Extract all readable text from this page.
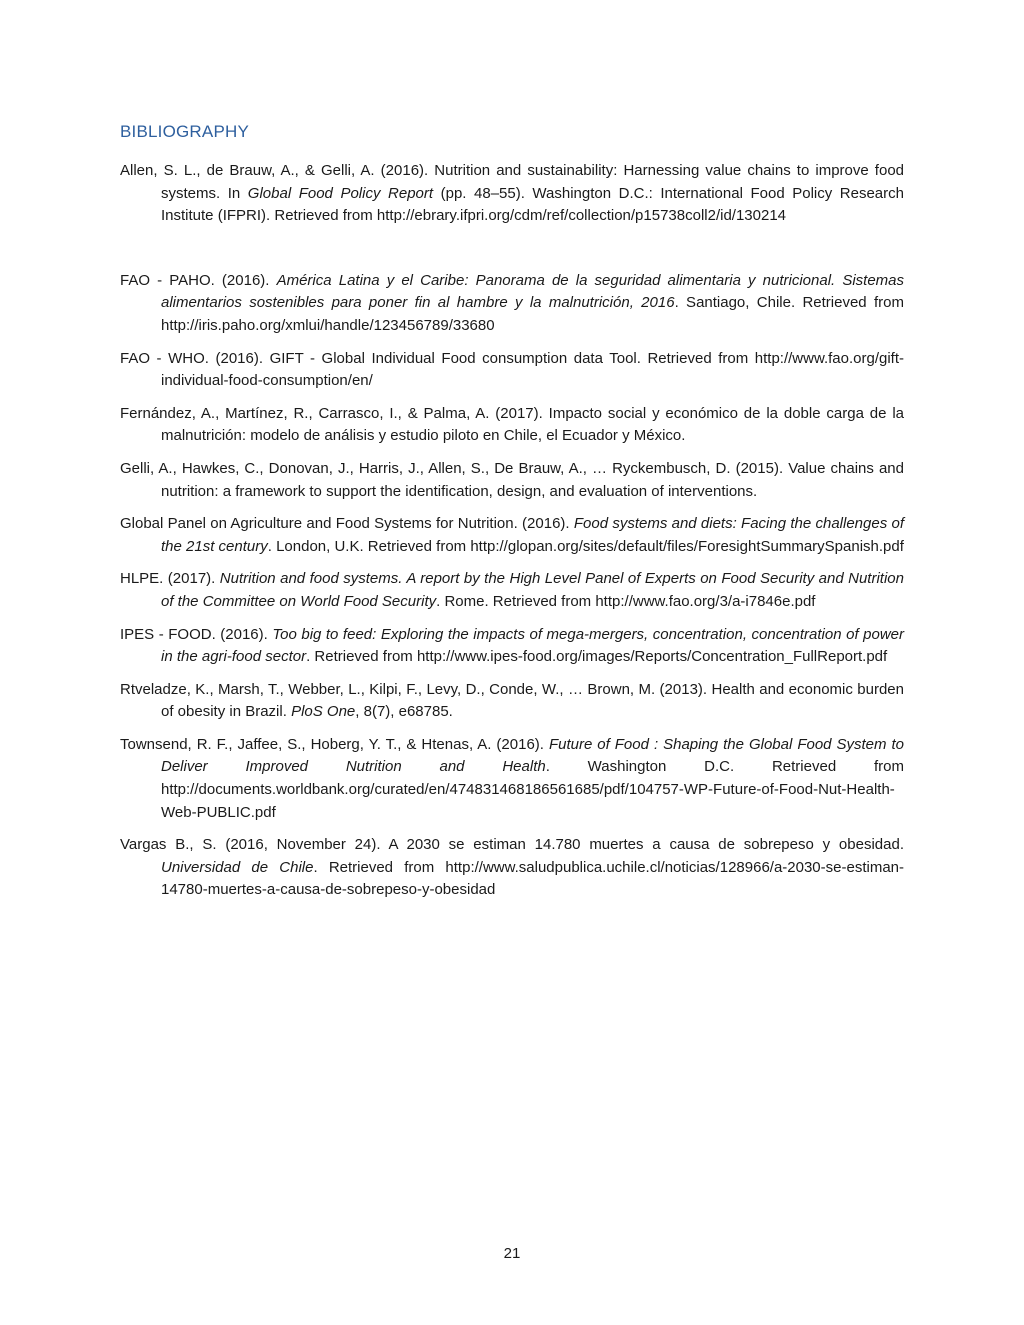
BIBLIOGRAPHY

Allen, S. L., de Brauw, A., & Gelli, A. (2016). Nutrition and sustainability: Harnessing value chains to improve food systems. In Global Food Policy Report (pp. 48–55). Washington D.C.: International Food Policy Research Institute (IFPRI). Retrieved from http://ebrary.ifpri.org/cdm/ref/collection/p15738coll2/id/130214

FAO - PAHO. (2016). América Latina y el Caribe: Panorama de la seguridad alimentaria y nutricional. Sistemas alimentarios sostenibles para poner fin al hambre y la malnutrición, 2016. Santiago, Chile. Retrieved from http://iris.paho.org/xmlui/handle/123456789/33680

FAO - WHO. (2016). GIFT - Global Individual Food consumption data Tool. Retrieved from http://www.fao.org/gift-individual-food-consumption/en/

Fernández, A., Martínez, R., Carrasco, I., & Palma, A. (2017). Impacto social y económico de la doble carga de la malnutrición: modelo de análisis y estudio piloto en Chile, el Ecuador y México.

Gelli, A., Hawkes, C., Donovan, J., Harris, J., Allen, S., De Brauw, A., … Ryckembusch, D. (2015). Value chains and nutrition: a framework to support the identification, design, and evaluation of interventions.

Global Panel on Agriculture and Food Systems for Nutrition. (2016). Food systems and diets: Facing the challenges of the 21st century. London, U.K. Retrieved from http://glopan.org/sites/default/files/ForesightSummarySpanish.pdf

HLPE. (2017). Nutrition and food systems. A report by the High Level Panel of Experts on Food Security and Nutrition of the Committee on World Food Security. Rome. Retrieved from http://www.fao.org/3/a-i7846e.pdf

IPES - FOOD. (2016). Too big to feed: Exploring the impacts of mega-mergers, concentration, concentration of power in the agri-food sector. Retrieved from http://www.ipes-food.org/images/Reports/Concentration_FullReport.pdf

Rtveladze, K., Marsh, T., Webber, L., Kilpi, F., Levy, D., Conde, W., … Brown, M. (2013). Health and economic burden of obesity in Brazil. PloS One, 8(7), e68785.

Townsend, R. F., Jaffee, S., Hoberg, Y. T., & Htenas, A. (2016). Future of Food : Shaping the Global Food System to Deliver Improved Nutrition and Health. Washington D.C. Retrieved from http://documents.worldbank.org/curated/en/474831468186561685/pdf/104757-WP-Future-of-Food-Nut-Health-Web-PUBLIC.pdf

Vargas B., S. (2016, November 24). A 2030 se estiman 14.780 muertes a causa de sobrepeso y obesidad. Universidad de Chile. Retrieved from http://www.saludpublica.uchile.cl/noticias/128966/a-2030-se-estiman-14780-muertes-a-causa-de-sobrepeso-y-obesidad

21
